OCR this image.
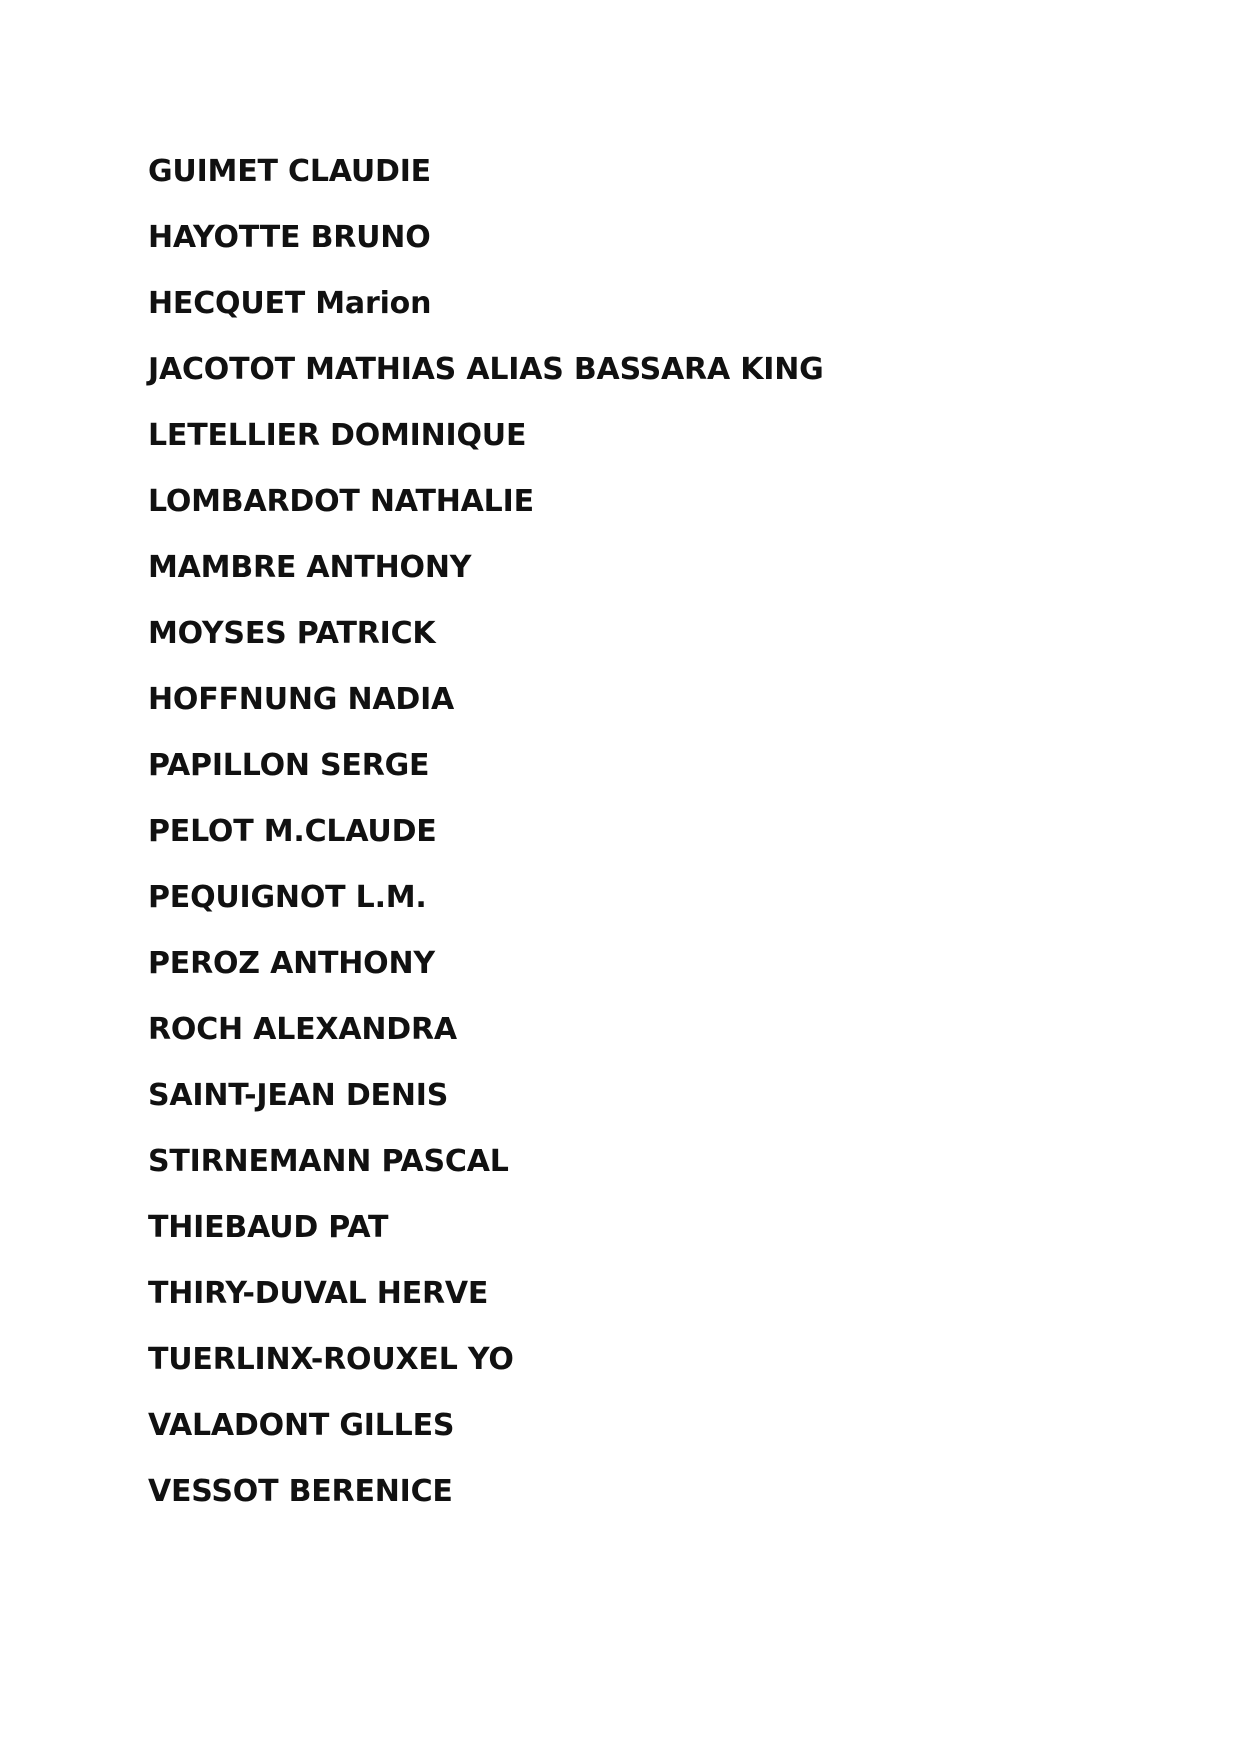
GUIMET CLAUDIE
HAYOTTE BRUNO
HECQUET Marion
JACOTOT MATHIAS ALIAS BASSARA KING
LETELLIER DOMINIQUE
LOMBARDOT NATHALIE
MAMBRE ANTHONY
MOYSES PATRICK
HOFFNUNG NADIA
PAPILLON SERGE
PELOT M.CLAUDE
PEQUIGNOT L.M.
PEROZ ANTHONY
ROCH ALEXANDRA
SAINT-JEAN DENIS
STIRNEMANN PASCAL
THIEBAUD PAT
THIRY-DUVAL HERVE
TUERLINX-ROUXEL YO
VALADONT GILLES
VESSOT BERENICE
